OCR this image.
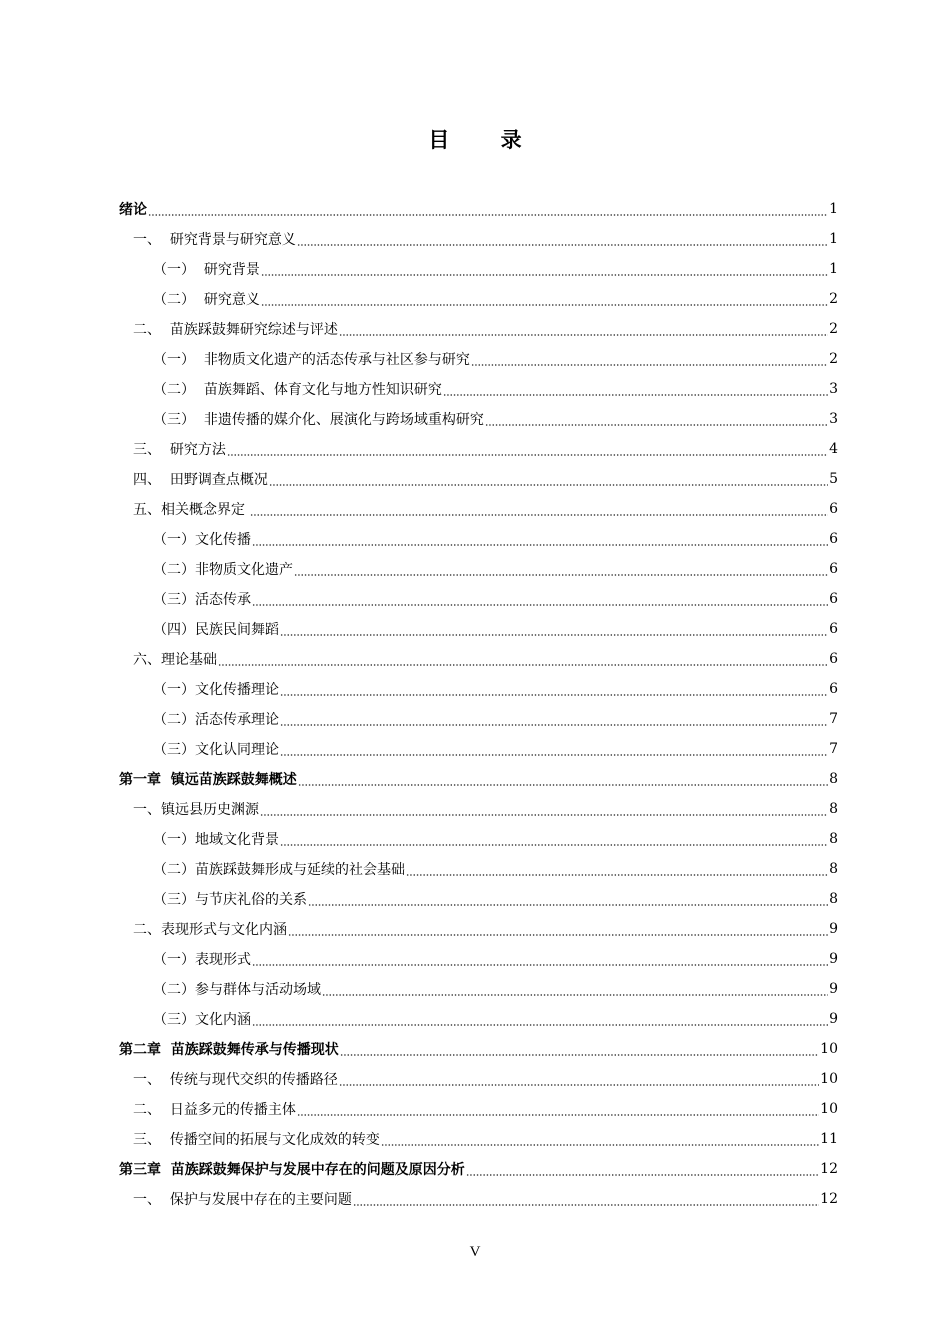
目 录
绪论	1
一、  研究背景与研究意义	1
（一）  研究背景	1
（二）  研究意义	2
二、  苗族踩鼓舞研究综述与评述	2
（一）  非物质文化遗产的活态传承与社区参与研究	2
（二）  苗族舞蹈、体育文化与地方性知识研究	3
（三）  非遗传播的媒介化、展演化与跨场域重构研究	3
三、  研究方法	4
四、  田野调查点概况	5
五、相关概念界定	6
（一）文化传播	6
（二）非物质文化遗产	6
（三）活态传承	6
（四）民族民间舞蹈	6
六、理论基础	6
（一）文化传播理论	6
（二）活态传承理论	7
（三）文化认同理论	7
第一章  镇远苗族踩鼓舞概述	8
一、镇远县历史渊源	8
（一）地域文化背景	8
（二）苗族踩鼓舞形成与延续的社会基础	8
（三）与节庆礼俗的关系	8
二、表现形式与文化内涵	9
（一）表现形式	9
（二）参与群体与活动场域	9
（三）文化内涵	9
第二章  苗族踩鼓舞传承与传播现状	10
一、  传统与现代交织的传播路径	10
二、  日益多元的传播主体	10
三、  传播空间的拓展与文化成效的转变	11
第三章  苗族踩鼓舞保护与发展中存在的问题及原因分析	12
一、  保护与发展中存在的主要问题	12
V
